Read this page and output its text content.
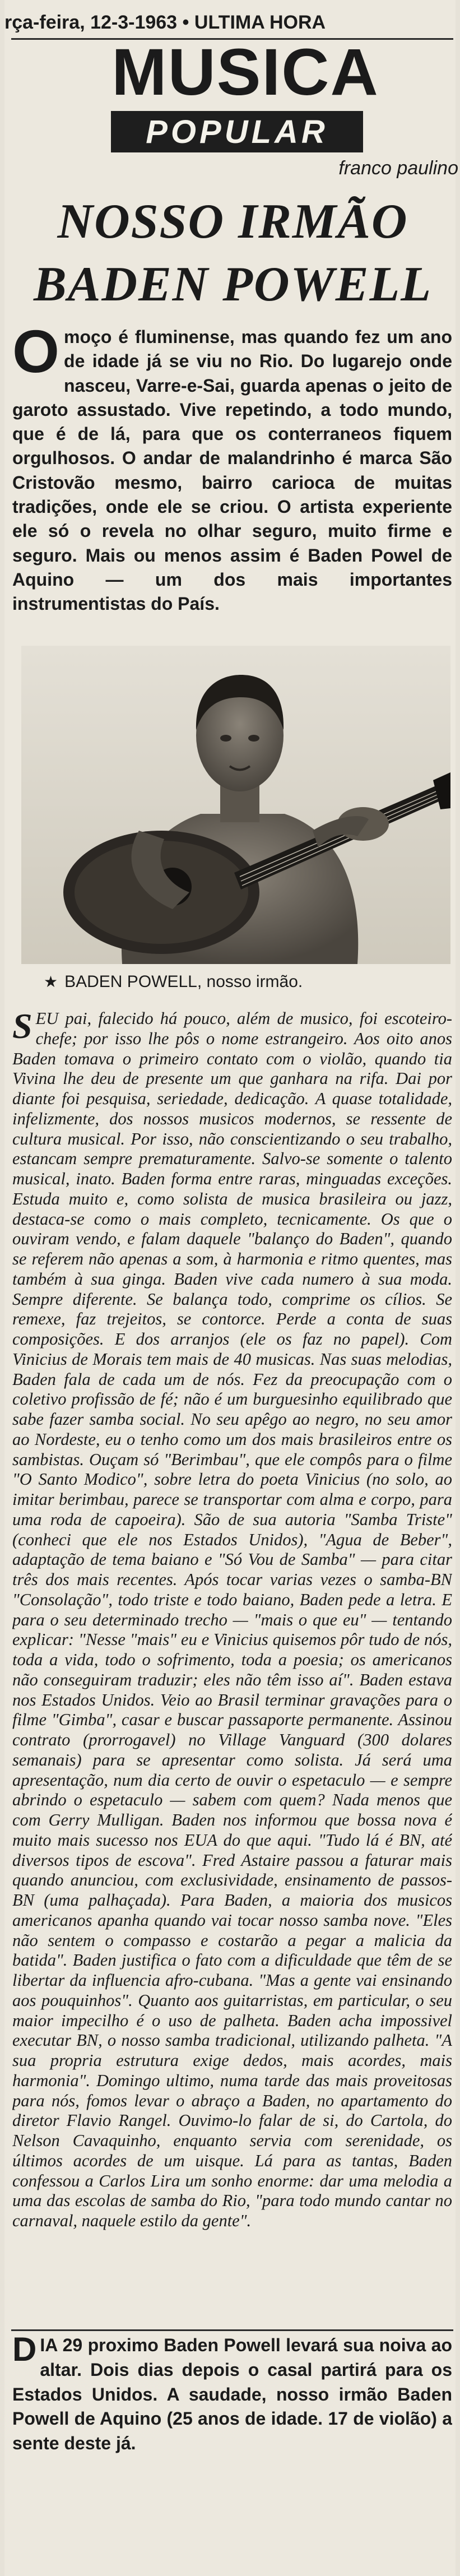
rça-feira, 12-3-1963 • ULTIMA HORA
MUSICA
POPULAR
franco paulino
NOSSO IRMÃO
BADEN POWELL
O moço é fluminense, mas quando fez um ano de idade já se viu no Rio. Do lugarejo onde nasceu, Varre-e-Sai, guarda apenas o jeito de garoto assustado. Vive repetindo, a todo mundo, que é de lá, para que os conterraneos fiquem orgulhosos. O andar de malandrinho é marca São Cristovão mesmo, bairro carioca de muitas tradições, onde ele se criou. O artista experiente ele só o revela no olhar seguro, muito firme e seguro. Mais ou menos assim é Baden Powel de Aquino — um dos mais importantes instrumentistas do País.
★ BADEN POWELL, nosso irmão.
S EU pai, falecido há pouco, além de musico, foi escoteiro-chefe; por isso lhe pôs o nome estrangeiro. Aos oito anos Baden tomava o primeiro contato com o violão, quando tia Vivina lhe deu de presente um que ganhara na rifa. Dai por diante foi pesquisa, seriedade, dedicação. A quase totalidade, infelizmente, dos nossos musicos modernos, se ressente de cultura musical. Por isso, não conscientizando o seu trabalho, estancam sempre prematuramente. Salvo-se somente o talento musical, inato. Baden forma entre raras, minguadas exceções. Estuda muito e, como solista de musica brasileira ou jazz, destaca-se como o mais completo, tecnicamente. Os que o ouviram vendo, e falam daquele "balanço do Baden", quando se referem não apenas a som, à harmonia e ritmo quentes, mas também à sua ginga. Baden vive cada numero à sua moda. Sempre diferente. Se balança todo, comprime os cílios. Se remexe, faz trejeitos, se contorce. Perde a conta de suas composições. E dos arranjos (ele os faz no papel). Com Vinicius de Morais tem mais de 40 musicas. Nas suas melodias, Baden fala de cada um de nós. Fez da preocupação com o coletivo profissão de fé; não é um burguesinho equilibrado que sabe fazer samba social. No seu apêgo ao negro, no seu amor ao Nordeste, eu o tenho como um dos mais brasileiros entre os sambistas. Ouçam só "Berimbau", que ele compôs para o filme "O Santo Modico", sobre letra do poeta Vinicius (no solo, ao imitar berimbau, parece se transportar com alma e corpo, para uma roda de capoeira). São de sua autoria "Samba Triste" (conheci que ele nos Estados Unidos), "Agua de Beber", adaptação de tema baiano e "Só Vou de Samba" — para citar três dos mais recentes. Após tocar varias vezes o samba-BN "Consolação", todo triste e todo baiano, Baden pede a letra. E para o seu determinado trecho — "mais o que eu" — tentando explicar: "Nesse "mais" eu e Vinicius quisemos pôr tudo de nós, toda a vida, todo o sofrimento, toda a poesia; os americanos não conseguiram traduzir; eles não têm isso aí". Baden estava nos Estados Unidos. Veio ao Brasil terminar gravações para o filme "Gimba", casar e buscar passaporte permanente. Assinou contrato (prorrogavel) no Village Vanguard (300 dolares semanais) para se apresentar como solista. Já será uma apresentação, num dia certo de ouvir o espetaculo — e sempre abrindo o espetaculo — sabem com quem? Nada menos que com Gerry Mulligan. Baden nos informou que bossa nova é muito mais sucesso nos EUA do que aqui. "Tudo lá é BN, até diversos tipos de escova". Fred Astaire passou a faturar mais quando anunciou, com exclusividade, ensinamento de passos-BN (uma palhaçada). Para Baden, a maioria dos musicos americanos apanha quando vai tocar nosso samba nove. "Eles não sentem o compasso e costarão a pegar a malicia da batida". Baden justifica o fato com a dificuldade que têm de se libertar da influencia afro-cubana. "Mas a gente vai ensinando aos pouquinhos". Quanto aos guitarristas, em particular, o seu maior impecilho é o uso de palheta. Baden acha impossivel executar BN, o nosso samba tradicional, utilizando palheta. "A sua propria estrutura exige dedos, mais acordes, mais harmonia". Domingo ultimo, numa tarde das mais proveitosas para nós, fomos levar o abraço a Baden, no apartamento do diretor Flavio Rangel. Ouvimo-lo falar de si, do Cartola, do Nelson Cavaquinho, enquanto servia com serenidade, os últimos acordes de um uisque. Lá para as tantas, Baden confessou a Carlos Lira um sonho enorme: dar uma melodia a uma das escolas de samba do Rio, "para todo mundo cantar no carnaval, naquele estilo da gente".
D IA 29 proximo Baden Powell levará sua noiva ao altar. Dois dias depois o casal partirá para os Estados Unidos. A saudade, nosso irmão Baden Powell de Aquino (25 anos de idade. 17 de violão) a sente deste já.
